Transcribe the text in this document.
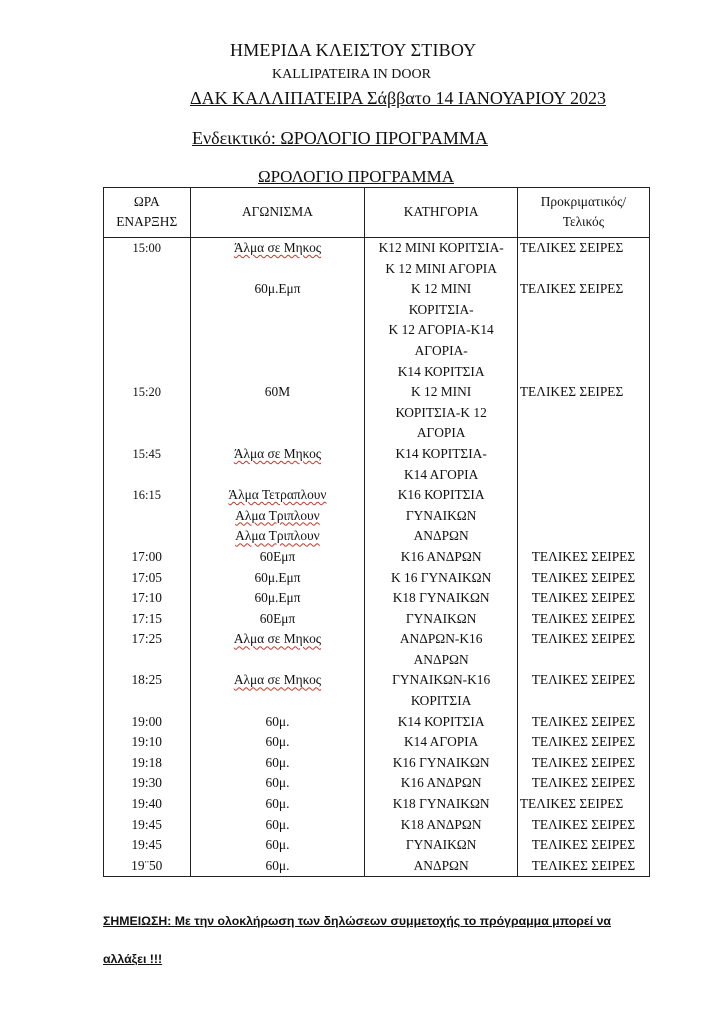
ΗΜΕΡΙΔΑ ΚΛΕΙΣΤΟΥ ΣΤΙΒΟΥ
KALLIPATEIRA IN DOOR
ΔΑΚ ΚΑΛΛΙΠΑΤΕΙΡΑ Σάββατο 14 ΙΑΝΟΥΑΡΙΟΥ 2023
Ενδεικτικό: ΩΡΟΛΟΓΙΟ ΠΡΟΓΡΑΜΜΑ
ΩΡΟΛΟΓΙΟ ΠΡΟΓΡΑΜΜΑ
ΩΡΑ
ΕΝΑΡΞΗΣ	ΑΓΩΝΙΣΜΑ	ΚΑΤΗΓΟΡΙΑ	Προκριματικός/
Τελικός

15:00	Άλμα σε Μηκος	Κ12 ΜΙΝΙ ΚΟΡΙΤΣΙΑ-
Κ 12 ΜΙΝΙ ΑΓΟΡΙΑ	ΤΕΛΙΚΕΣ ΣΕΙΡΕΣ

	60μ.Εμπ	Κ 12 ΜΙΝΙ
ΚΟΡΙΤΣΙΑ-
Κ 12 ΑΓΟΡΙΑ-Κ14
ΑΓΟΡΙΑ-
Κ14 ΚΟΡΙΤΣΙΑ	ΤΕΛΙΚΕΣ ΣΕΙΡΕΣ
15:20	60Μ	Κ 12 ΜΙΝΙ
ΚΟΡΙΤΣΙΑ-Κ 12
ΑΓΟΡΙΑ	ΤΕΛΙΚΕΣ ΣΕΙΡΕΣ
15:45	Άλμα σε Μηκος	Κ14 ΚΟΡΙΤΣΙΑ-
Κ14 ΑΓΟΡΙΑ	

16:15	Άλμα Τετραπλουν
Αλμα Τριπλουν
Αλμα Τριπλουν	Κ16 ΚΟΡΙΤΣΙΑ
ΓΥΝΑΙΚΩΝ
ΑΝΔΡΩΝ	

17:00	60Εμπ	Κ16 ΑΝΔΡΩΝ	ΤΕΛΙΚΕΣ ΣΕΙΡΕΣ
17:05	60μ.Εμπ	Κ 16 ΓΥΝΑΙΚΩΝ	ΤΕΛΙΚΕΣ ΣΕΙΡΕΣ
17:10	60μ.Εμπ	Κ18 ΓΥΝΑΙΚΩΝ	ΤΕΛΙΚΕΣ ΣΕΙΡΕΣ
17:15	60Εμπ	ΓΥΝΑΙΚΩΝ	ΤΕΛΙΚΕΣ ΣΕΙΡΕΣ
17:25	Αλμα σε Μηκος	ΑΝΔΡΩΝ-Κ16
ΑΝΔΡΩΝ	ΤΕΛΙΚΕΣ ΣΕΙΡΕΣ
18:25	Αλμα σε Μηκος	ΓΥΝΑΙΚΩΝ-Κ16
ΚΟΡΙΤΣΙΑ	ΤΕΛΙΚΕΣ ΣΕΙΡΕΣ
19:00	60μ.	Κ14 ΚΟΡΙΤΣΙΑ	ΤΕΛΙΚΕΣ ΣΕΙΡΕΣ
19:10	60μ.	Κ14 ΑΓΟΡΙΑ	ΤΕΛΙΚΕΣ ΣΕΙΡΕΣ
19:18	60μ.	Κ16 ΓΥΝΑΙΚΩΝ	ΤΕΛΙΚΕΣ ΣΕΙΡΕΣ
19:30	60μ.	Κ16 ΑΝΔΡΩΝ	ΤΕΛΙΚΕΣ ΣΕΙΡΕΣ
19:40	60μ.	Κ18 ΓΥΝΑΙΚΩΝ	ΤΕΛΙΚΕΣ ΣΕΙΡΕΣ
19:45	60μ.	Κ18 ΑΝΔΡΩΝ	ΤΕΛΙΚΕΣ ΣΕΙΡΕΣ
19:45	60μ.	ΓΥΝΑΙΚΩΝ	ΤΕΛΙΚΕΣ ΣΕΙΡΕΣ
19¨50	60μ.	ΑΝΔΡΩΝ	ΤΕΛΙΚΕΣ ΣΕΙΡΕΣ
ΣΗΜΕΙΩΣΗ: Με την ολοκλήρωση των δηλώσεων συμμετοχής το πρόγραμμα μπορεί να
αλλάξει !!!
